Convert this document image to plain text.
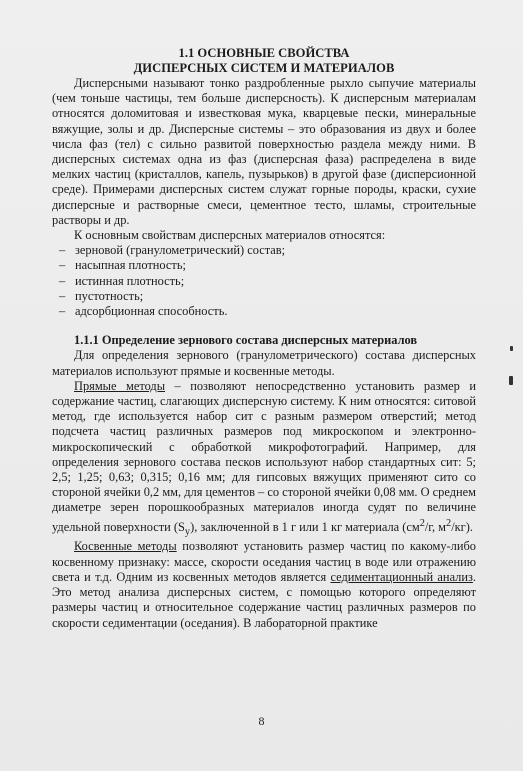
1.1 ОСНОВНЫЕ СВОЙСТВА
ДИСПЕРСНЫХ СИСТЕМ И МАТЕРИАЛОВ

Дисперсными называют тонко раздробленные рыхло сыпучие материалы (чем тоньше частицы, тем больше дисперсность). К дисперсным материалам относятся доломитовая и известковая мука, кварцевые пески, минеральные вяжущие, золы и др. Дисперсные системы – это образования из двух и более числа фаз (тел) с сильно развитой поверхностью раздела между ними. В дисперсных системах одна из фаз (дисперсная фаза) распределена в виде мелких частиц (кристаллов, капель, пузырьков) в другой фазе (дисперсионной среде). Примерами дисперсных систем служат горные породы, краски, сухие дисперсные и растворные смеси, цементное тесто, шламы, строительные растворы и др.

К основным свойствам дисперсных материалов относятся:

– зерновой (гранулометрический) состав;
– насыпная плотность;
– истинная плотность;
– пустотность;
– адсорбционная способность.
1.1.1 Определение зернового состава дисперсных материалов

Для определения зернового (гранулометрического) состава дисперсных материалов используют прямые и косвенные методы.

Прямые методы – позволяют непосредственно установить размер и содержание частиц, слагающих дисперсную систему. К ним относятся: ситовой метод, где используется набор сит с разным размером отверстий; метод подсчета частиц различных размеров под микроскопом и электронно-микроскопический с обработкой микрофотографий. Например, для определения зернового состава песков используют набор стандартных сит: 5; 2,5; 1,25; 0,63; 0,315; 0,16 мм; для гипсовых вяжущих применяют сито со стороной ячейки 0,2 мм, для цементов – со стороной ячейки 0,08 мм. О среднем диаметре зерен порошкообразных материалов иногда судят по величине удельной поверхности $(S_у)$, заключенной в 1 г или 1 кг материала ($см^2/г$, $м^2/кг$).

Косвенные методы позволяют установить размер частиц по какому-либо косвенному признаку: массе, скорости оседания частиц в воде или отражению света и т.д. Одним из косвенных методов является седиментационный анализ. Это метод анализа дисперсных систем, с помощью которого определяют размеры частиц и относительное содержание частиц различных размеров по скорости седиментации (оседания). В лабораторной практике

8
